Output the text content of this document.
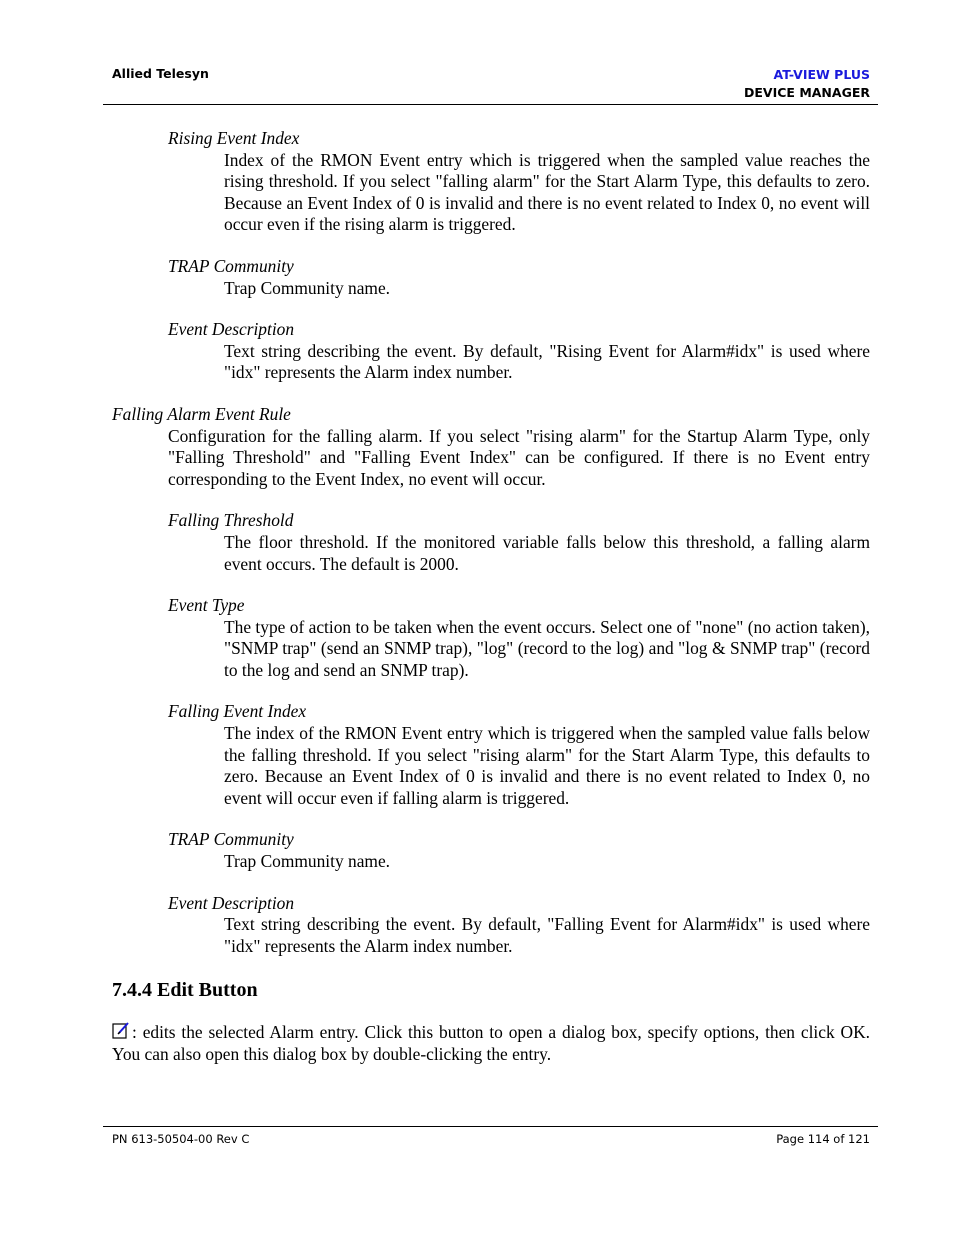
Allied Telesyn	AT-VIEW PLUS
DEVICE MANAGER
Rising Event Index
Index of the RMON Event entry which is triggered when the sampled value reaches the rising threshold. If you select "falling alarm" for the Start Alarm Type, this defaults to zero. Because an Event Index of 0 is invalid and there is no event related to Index 0, no event will occur even if the rising alarm is triggered.
TRAP Community
Trap Community name.
Event Description
Text string describing the event. By default, "Rising Event for Alarm#idx" is used where "idx" represents the Alarm index number.
Falling Alarm Event Rule
Configuration for the falling alarm. If you select "rising alarm" for the Startup Alarm Type, only "Falling Threshold" and "Falling Event Index" can be configured. If there is no Event entry corresponding to the Event Index, no event will occur.
Falling Threshold
The floor threshold. If the monitored variable falls below this threshold, a falling alarm event occurs. The default is 2000.
Event Type
The type of action to be taken when the event occurs. Select one of "none" (no action taken), "SNMP trap" (send an SNMP trap), "log" (record to the log) and "log & SNMP trap" (record to the log and send an SNMP trap).
Falling Event Index
The index of the RMON Event entry which is triggered when the sampled value falls below the falling threshold. If you select "rising alarm" for the Start Alarm Type, this defaults to zero. Because an Event Index of 0 is invalid and there is no event related to Index 0, no event will occur even if falling alarm is triggered.
TRAP Community
Trap Community name.
Event Description
Text string describing the event. By default, "Falling Event for Alarm#idx" is used where "idx" represents the Alarm index number.
7.4.4 Edit Button
: edits the selected Alarm entry. Click this button to open a dialog box, specify options, then click OK. You can also open this dialog box by double-clicking the entry.
PN 613-50504-00 Rev C	Page 114 of 121
